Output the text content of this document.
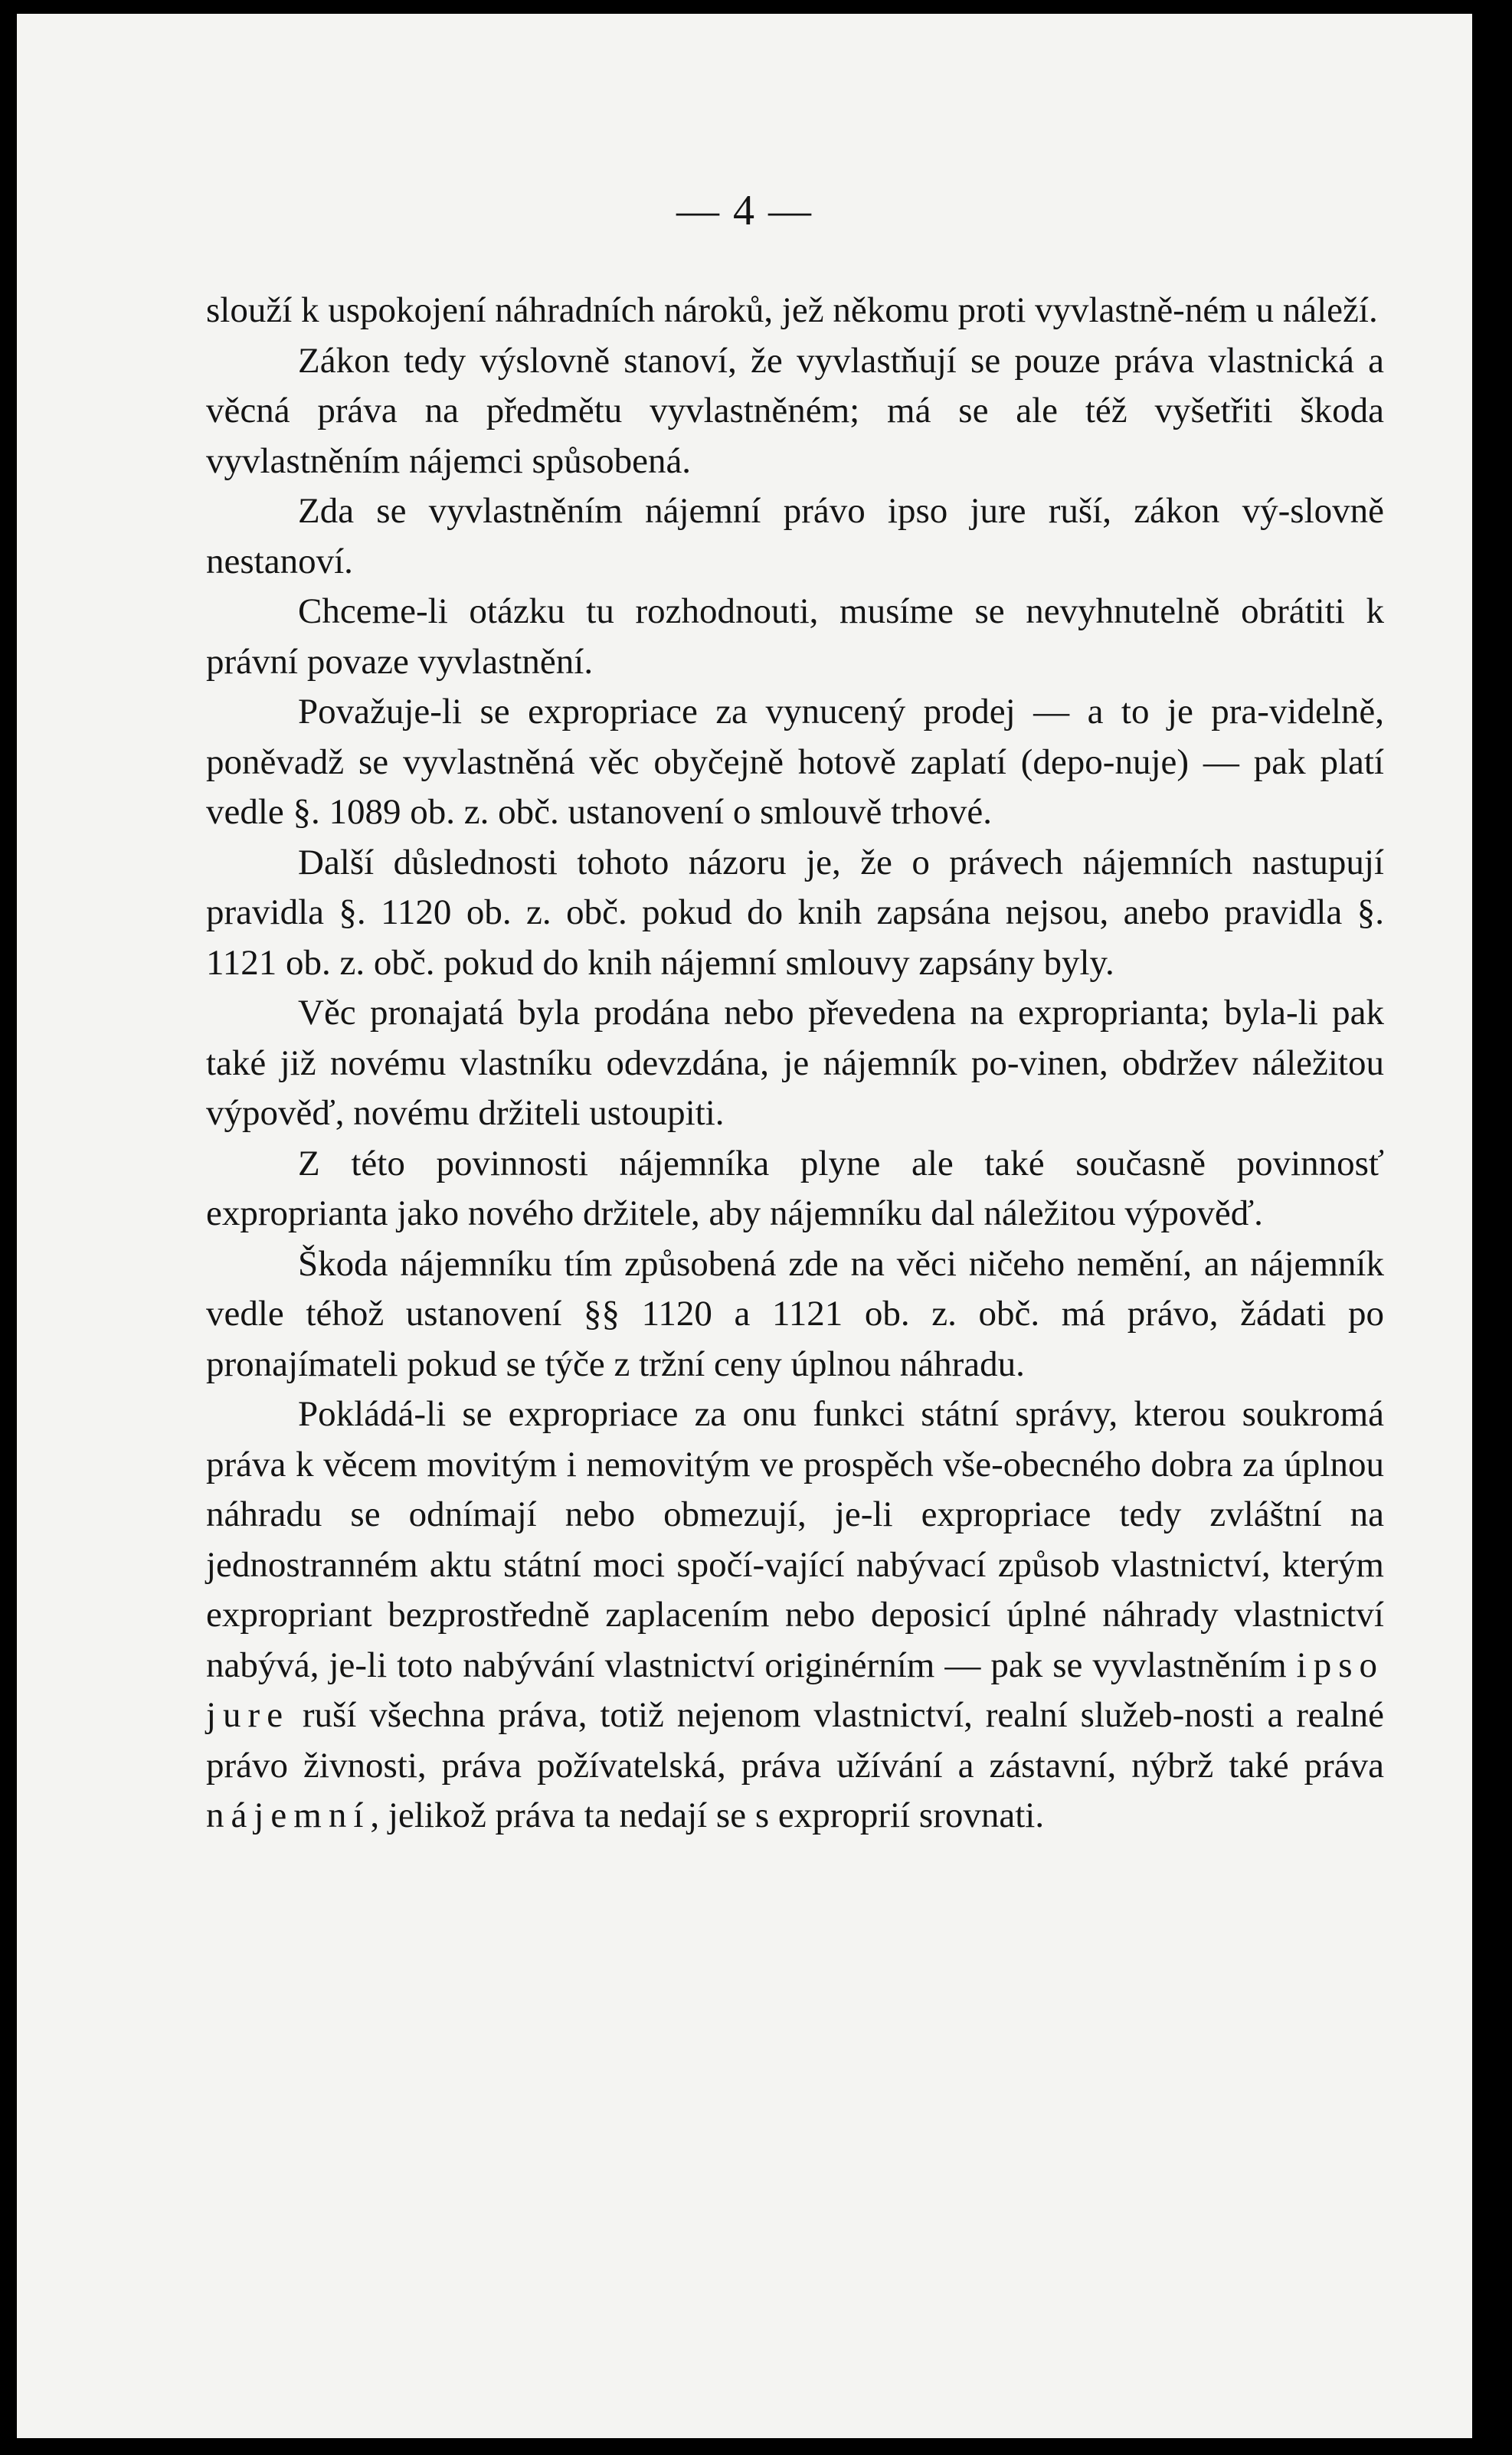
— 4 —

slouží k uspokojení náhradních nároků, jež někomu proti vyvlastně-ném u náleží.

Zákon tedy výslovně stanoví, že vyvlastňují se pouze práva vlastnická a věcná práva na předmětu vyvlastněném; má se ale též vyšetřiti škoda vyvlastněním nájemci spůsobená.

Zda se vyvlastněním nájemní právo ipso jure ruší, zákon vý-slovně nestanoví.

Chceme-li otázku tu rozhodnouti, musíme se nevyhnutelně obrátiti k právní povaze vyvlastnění.

Považuje-li se expropriace za vynucený prodej — a to je pra-videlně, poněvadž se vyvlastněná věc obyčejně hotově zaplatí (depo-nuje) — pak platí vedle §. 1089 ob. z. obč. ustanovení o smlouvě trhové.

Další důslednosti tohoto názoru je, že o právech nájemních nastupují pravidla §. 1120 ob. z. obč. pokud do knih zapsána nejsou, anebo pravidla §. 1121 ob. z. obč. pokud do knih nájemní smlouvy zapsány byly.

Věc pronajatá byla prodána nebo převedena na exproprianta; byla-li pak také již novému vlastníku odevzdána, je nájemník po-vinen, obdržev náležitou výpověď, novému držiteli ustoupiti.

Z této povinnosti nájemníka plyne ale také současně povinnosť exproprianta jako nového držitele, aby nájemníku dal náležitou výpověď.

Škoda nájemníku tím způsobená zde na věci ničeho nemění, an nájemník vedle téhož ustanovení §§ 1120 a 1121 ob. z. obč. má právo, žádati po pronajímateli pokud se týče z tržní ceny úplnou náhradu.

Pokládá-li se expropriace za onu funkci státní správy, kterou soukromá práva k věcem movitým i nemovitým ve prospěch vše-obecného dobra za úplnou náhradu se odnímají nebo obmezují, je-li expropriace tedy zvláštní na jednostranném aktu státní moci spočí-vající nabývací způsob vlastnictví, kterým expropriant bezprostředně zaplacením nebo deposicí úplné náhrady vlastnictví nabývá, je-li toto nabývání vlastnictví originérním — pak se vyvlastněním ipso jure ruší všechna práva, totiž nejenom vlastnictví, realní služeb-nosti a realné právo živnosti, práva požívatelská, práva užívání a zástavní, nýbrž také práva nájemní, jelikož práva ta nedají se s exproprií srovnati.
